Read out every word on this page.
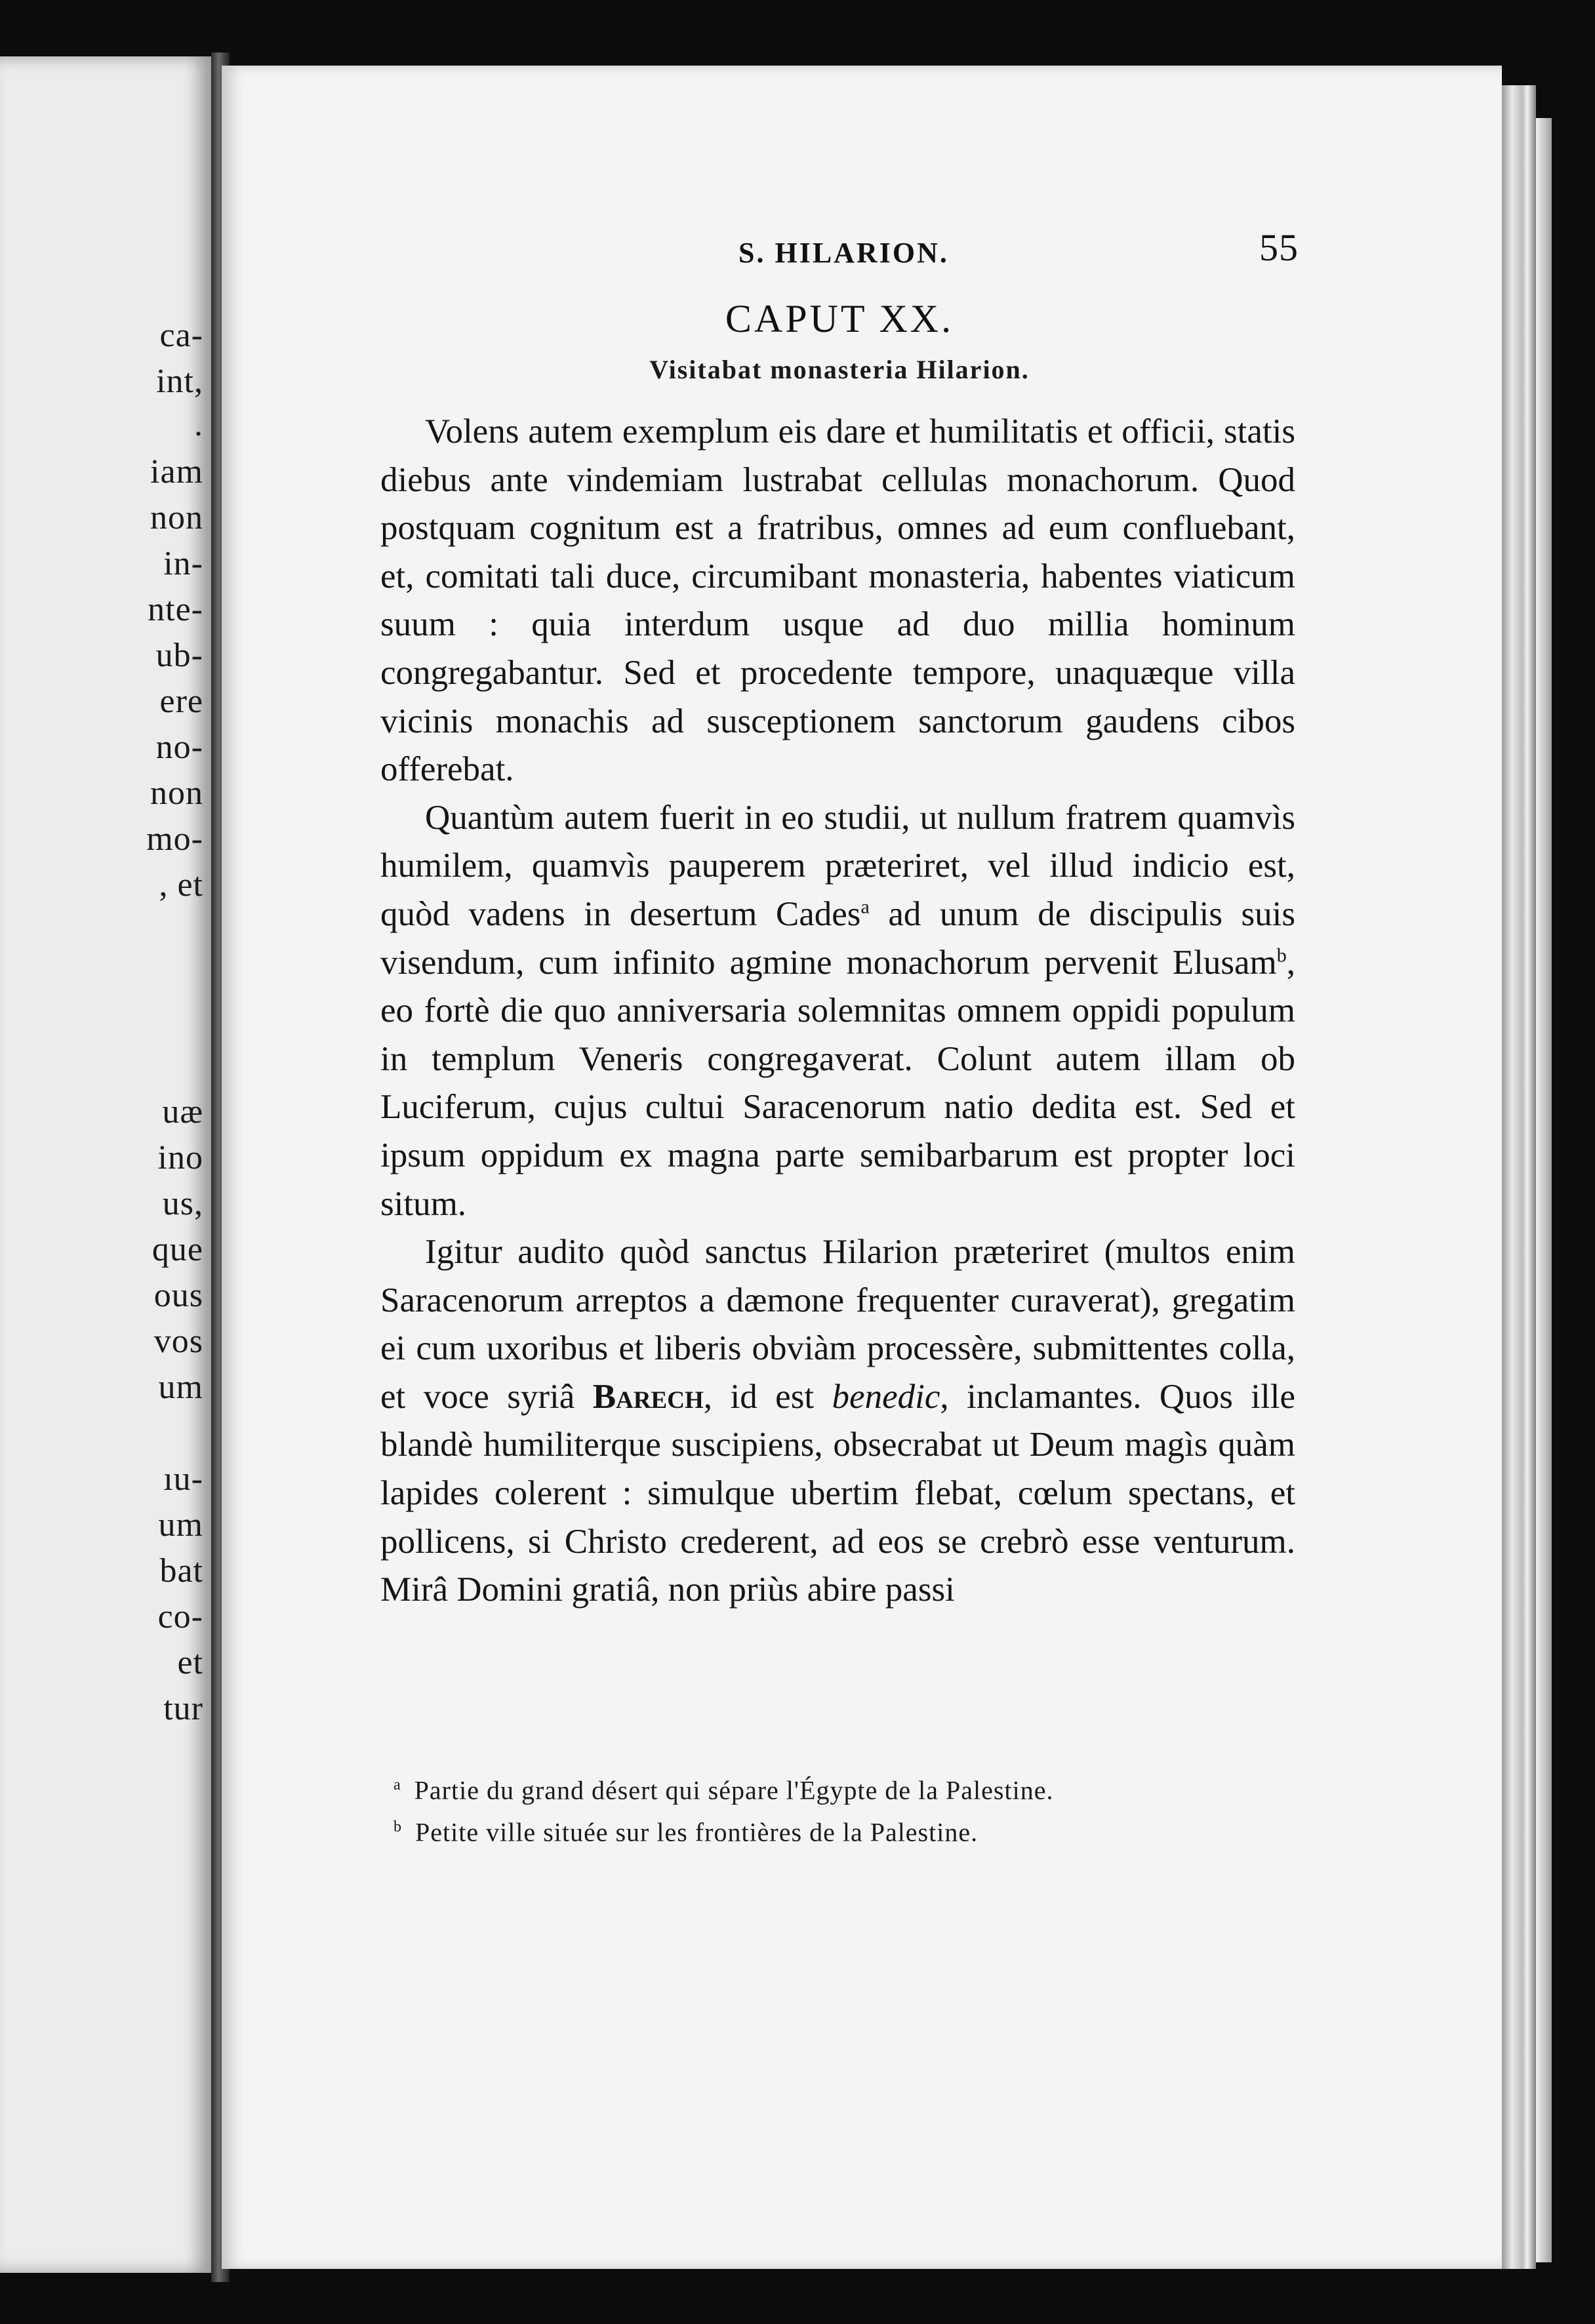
ca-
int,
.
iam
non
in-
nte-
ub-
ere
no-
non
mo-
, et
uæ
ino
us,
que
ous
vos
um
ıu-
um
bat
co-
et
tur
S. HILARION.	55
CAPUT XX.
Visitabat monasteria Hilarion.

Volens autem exemplum eis dare et humilitatis et officii, statis diebus ante vindemiam lustrabat cellulas monachorum. Quod postquam cognitum est a fratribus, omnes ad eum confluebant, et, comitati tali duce, circumibant monasteria, habentes viaticum suum : quia interdum usque ad duo millia hominum congregabantur. Sed et procedente tempore, unaquæque villa vicinis monachis ad susceptionem sanctorum gaudens cibos offerebat.

Quantùm autem fuerit in eo studii, ut nullum fratrem quamvìs humilem, quamvìs pauperem præteriret, vel illud indicio est, quòd vadens in desertum Cades$^a$ ad unum de discipulis suis visendum, cum infinito agmine monachorum pervenit Elusam$^b$, eo fortè die quo anniversaria solemnitas omnem oppidi populum in templum Veneris congregaverat. Colunt autem illam ob Luciferum, cujus cultui Saracenorum natio dedita est. Sed et ipsum oppidum ex magna parte semibarbarum est propter loci situm.

Igitur audito quòd sanctus Hilarion præteriret (multos enim Saracenorum arreptos a dæmone frequenter curaverat), gregatim ei cum uxoribus et liberis obviàm processère, submittentes colla, et voce syriâ Barech, id est benedic, inclamantes. Quos ille blandè humiliterque suscipiens, obsecrabat ut Deum magìs quàm lapides colerent : simulque ubertim flebat, cœlum spectans, et pollicens, si Christo crederent, ad eos se crebrò esse venturum. Mirâ Domini gratiâ, non priùs abire passi

$^a$ Partie du grand désert qui sépare l'Égypte de la Palestine.
$^b$ Petite ville située sur les frontières de la Palestine.
